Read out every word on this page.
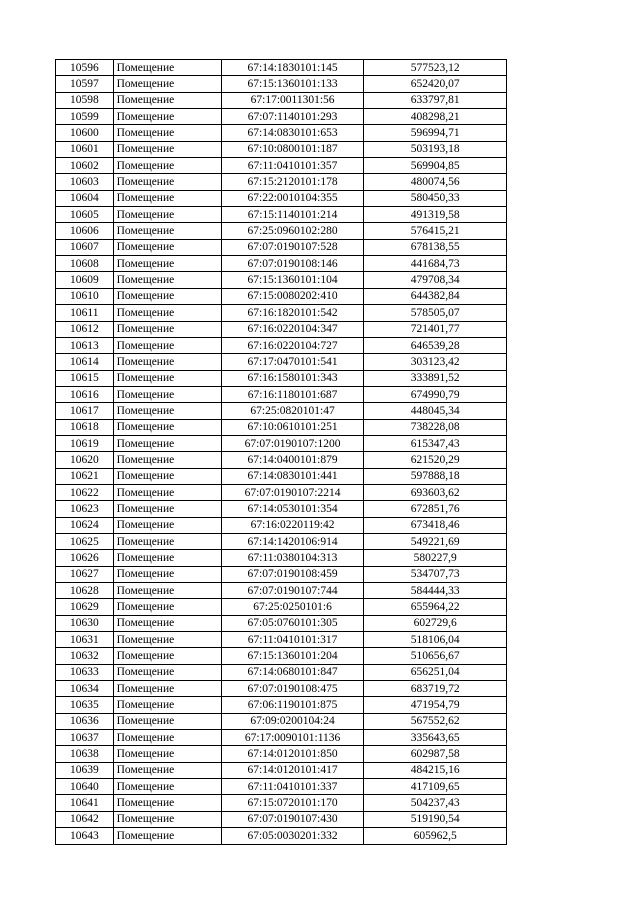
10596	Помещение	67:14:1830101:145	577523,12
10597	Помещение	67:15:1360101:133	652420,07
10598	Помещение	67:17:0011301:56	633797,81
10599	Помещение	67:07:1140101:293	408298,21
10600	Помещение	67:14:0830101:653	596994,71
10601	Помещение	67:10:0800101:187	503193,18
10602	Помещение	67:11:0410101:357	569904,85
10603	Помещение	67:15:2120101:178	480074,56
10604	Помещение	67:22:0010104:355	580450,33
10605	Помещение	67:15:1140101:214	491319,58
10606	Помещение	67:25:0960102:280	576415,21
10607	Помещение	67:07:0190107:528	678138,55
10608	Помещение	67:07:0190108:146	441684,73
10609	Помещение	67:15:1360101:104	479708,34
10610	Помещение	67:15:0080202:410	644382,84
10611	Помещение	67:16:1820101:542	578505,07
10612	Помещение	67:16:0220104:347	721401,77
10613	Помещение	67:16:0220104:727	646539,28
10614	Помещение	67:17:0470101:541	303123,42
10615	Помещение	67:16:1580101:343	333891,52
10616	Помещение	67:16:1180101:687	674990,79
10617	Помещение	67:25:0820101:47	448045,34
10618	Помещение	67:10:0610101:251	738228,08
10619	Помещение	67:07:0190107:1200	615347,43
10620	Помещение	67:14:0400101:879	621520,29
10621	Помещение	67:14:0830101:441	597888,18
10622	Помещение	67:07:0190107:2214	693603,62
10623	Помещение	67:14:0530101:354	672851,76
10624	Помещение	67:16:0220119:42	673418,46
10625	Помещение	67:14:1420106:914	549221,69
10626	Помещение	67:11:0380104:313	580227,9
10627	Помещение	67:07:0190108:459	534707,73
10628	Помещение	67:07:0190107:744	584444,33
10629	Помещение	67:25:0250101:6	655964,22
10630	Помещение	67:05:0760101:305	602729,6
10631	Помещение	67:11:0410101:317	518106,04
10632	Помещение	67:15:1360101:204	510656,67
10633	Помещение	67:14:0680101:847	656251,04
10634	Помещение	67:07:0190108:475	683719,72
10635	Помещение	67:06:1190101:875	471954,79
10636	Помещение	67:09:0200104:24	567552,62
10637	Помещение	67:17:0090101:1136	335643,65
10638	Помещение	67:14:0120101:850	602987,58
10639	Помещение	67:14:0120101:417	484215,16
10640	Помещение	67:11:0410101:337	417109,65
10641	Помещение	67:15:0720101:170	504237,43
10642	Помещение	67:07:0190107:430	519190,54
10643	Помещение	67:05:0030201:332	605962,5
